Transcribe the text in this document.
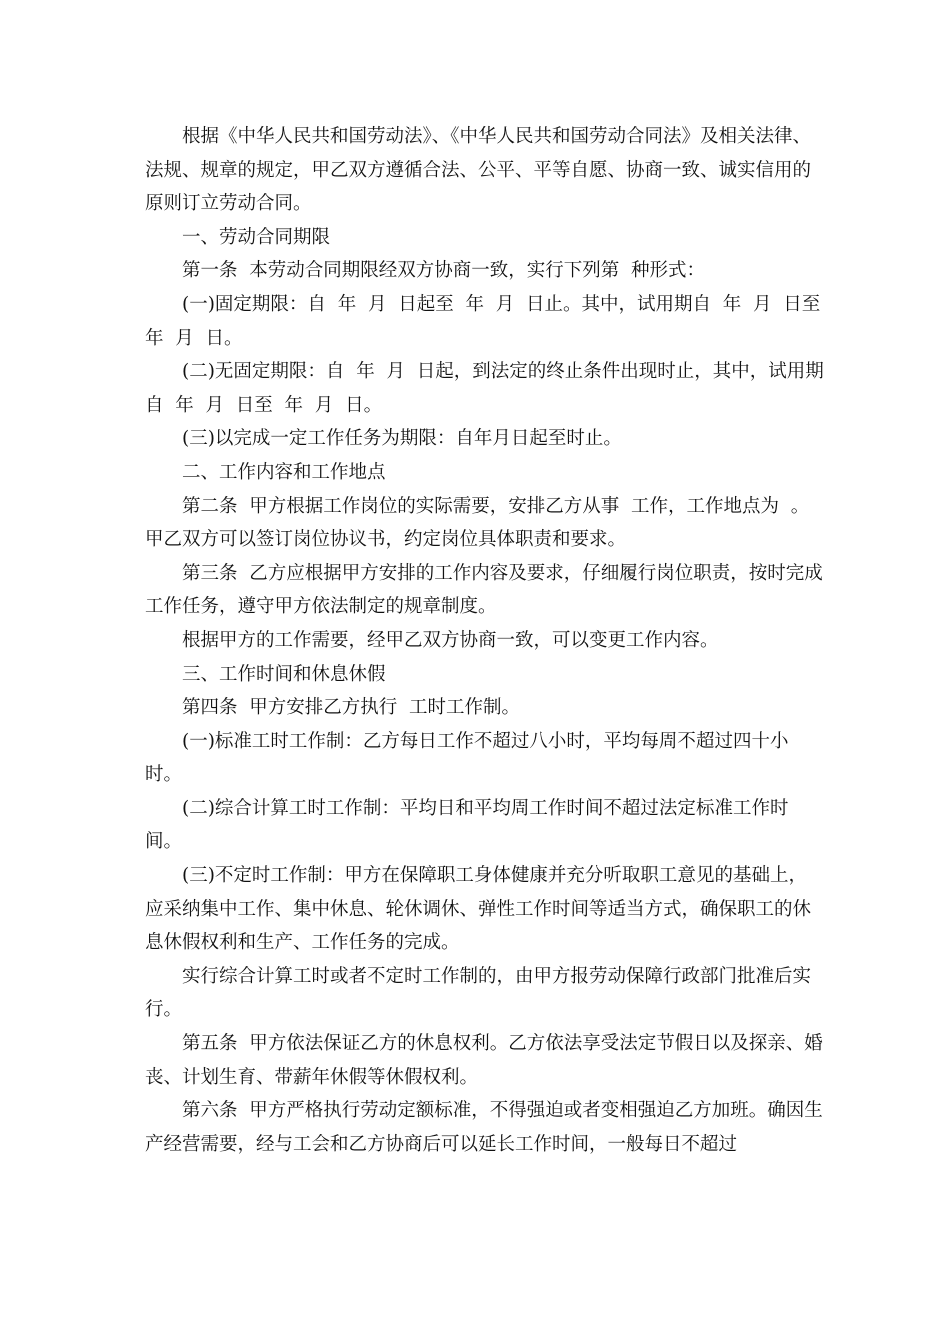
根据《中华人民共和国劳动法》、《中华人民共和国劳动合同法》及相关法律、法规、规章的规定，甲乙双方遵循合法、公平、平等自愿、协商一致、诚实信用的原则订立劳动合同。

一、劳动合同期限

第一条  本劳动合同期限经双方协商一致，实行下列第  种形式：

(一)固定期限：自  年  月  日起至  年  月  日止。其中，试用期自  年  月  日至  年  月  日。

(二)无固定期限：自  年  月  日起，到法定的终止条件出现时止，其中，试用期自  年  月  日至  年  月  日。

(三)以完成一定工作任务为期限：自年月日起至时止。

二、工作内容和工作地点

第二条  甲方根据工作岗位的实际需要，安排乙方从事  工作，工作地点为  。甲乙双方可以签订岗位协议书，约定岗位具体职责和要求。

第三条  乙方应根据甲方安排的工作内容及要求，仔细履行岗位职责，按时完成工作任务，遵守甲方依法制定的规章制度。

根据甲方的工作需要，经甲乙双方协商一致，可以变更工作内容。

三、工作时间和休息休假

第四条  甲方安排乙方执行  工时工作制。

(一)标准工时工作制：乙方每日工作不超过八小时，平均每周不超过四十小时。

(二)综合计算工时工作制：平均日和平均周工作时间不超过法定标准工作时间。

(三)不定时工作制：甲方在保障职工身体健康并充分听取职工意见的基础上，应采纳集中工作、集中休息、轮休调休、弹性工作时间等适当方式，确保职工的休息休假权利和生产、工作任务的完成。

实行综合计算工时或者不定时工作制的，由甲方报劳动保障行政部门批准后实行。

第五条  甲方依法保证乙方的休息权利。乙方依法享受法定节假日以及探亲、婚丧、计划生育、带薪年休假等休假权利。

第六条  甲方严格执行劳动定额标准，不得强迫或者变相强迫乙方加班。确因生产经营需要，经与工会和乙方协商后可以延长工作时间，一般每日不超过
